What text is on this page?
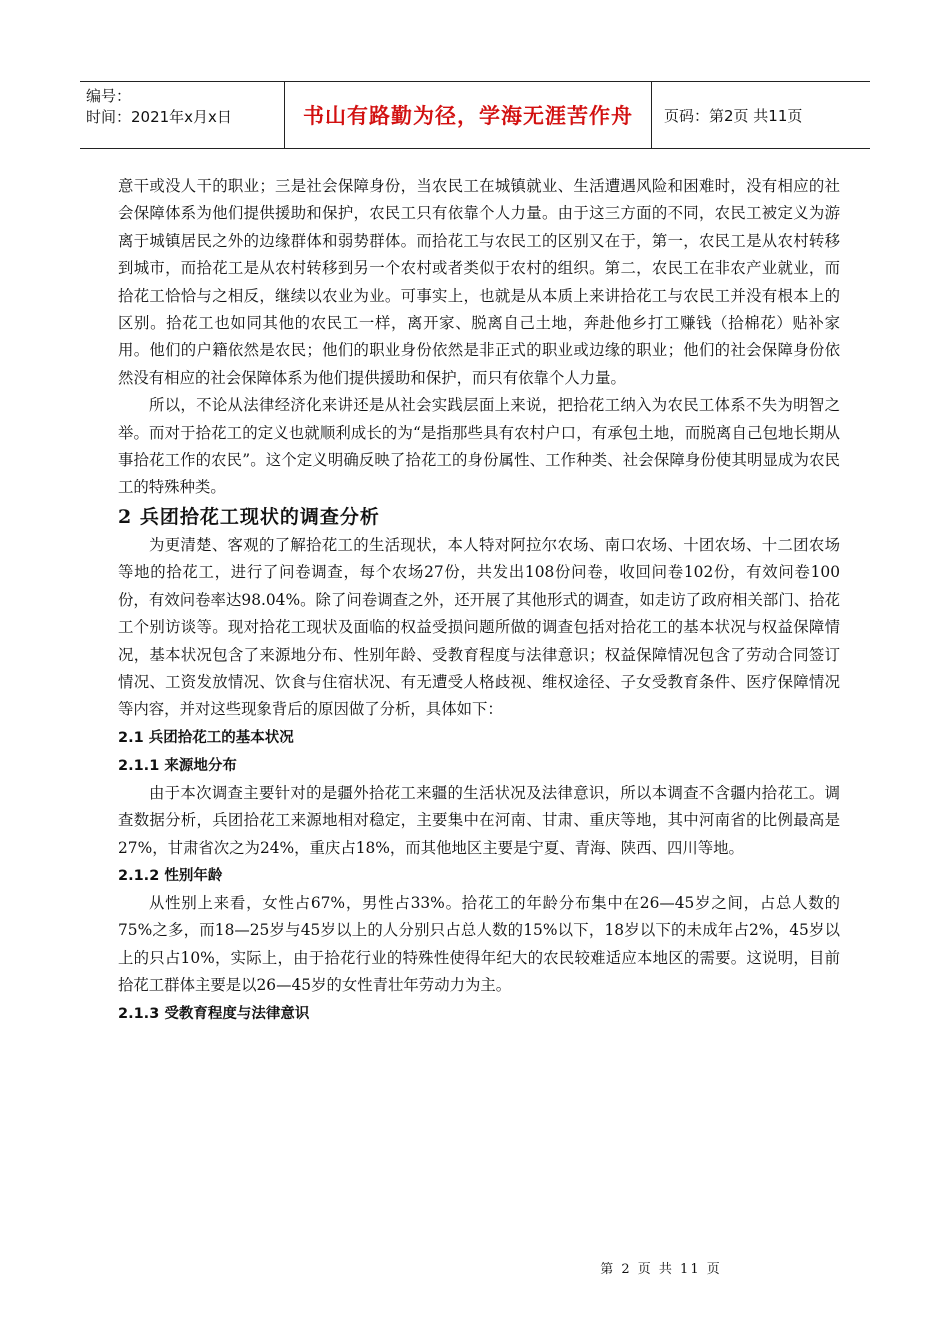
编号：
时间：2021年x月x日	书山有路勤为径，学海无涯苦作舟	页码：第2页 共11页

意干或没人干的职业；三是社会保障身份，当农民工在城镇就业、生活遭遇风险和困难时，没有相应的社会保障体系为他们提供援助和保护，农民工只有依靠个人力量。由于这三方面的不同，农民工被定义为游离于城镇居民之外的边缘群体和弱势群体。而拾花工与农民工的区别又在于，第一，农民工是从农村转移到城市，而拾花工是从农村转移到另一个农村或者类似于农村的组织。第二，农民工在非农产业就业，而拾花工恰恰与之相反，继续以农业为业。可事实上，也就是从本质上来讲拾花工与农民工并没有根本上的区别。拾花工也如同其他的农民工一样，离开家、脱离自己土地，奔赴他乡打工赚钱（拾棉花）贴补家用。他们的户籍依然是农民；他们的职业身份依然是非正式的职业或边缘的职业；他们的社会保障身份依然没有相应的社会保障体系为他们提供援助和保护，而只有依靠个人力量。

所以，不论从法律经济化来讲还是从社会实践层面上来说，把拾花工纳入为农民工体系不失为明智之举。而对于拾花工的定义也就顺利成长的为“是指那些具有农村户口，有承包土地，而脱离自己包地长期从事拾花工作的农民”。这个定义明确反映了拾花工的身份属性、工作种类、社会保障身份使其明显成为农民工的特殊种类。

2 兵团拾花工现状的调查分析

为更清楚、客观的了解拾花工的生活现状，本人特对阿拉尔农场、南口农场、十团农场、十二团农场等地的拾花工，进行了问卷调查，每个农场27份，共发出108份问卷，收回问卷102份，有效问卷100份，有效问卷率达98.04%。除了问卷调查之外，还开展了其他形式的调查，如走访了政府相关部门、拾花工个别访谈等。现对拾花工现状及面临的权益受损问题所做的调查包括对拾花工的基本状况与权益保障情况，基本状况包含了来源地分布、性别年龄、受教育程度与法律意识；权益保障情况包含了劳动合同签订情况、工资发放情况、饮食与住宿状况、有无遭受人格歧视、维权途径、子女受教育条件、医疗保障情况等内容，并对这些现象背后的原因做了分析，具体如下：

2.1 兵团拾花工的基本状况
2.1.1 来源地分布

由于本次调查主要针对的是疆外拾花工来疆的生活状况及法律意识，所以本调查不含疆内拾花工。调查数据分析，兵团拾花工来源地相对稳定，主要集中在河南、甘肃、重庆等地，其中河南省的比例最高是27%，甘肃省次之为24%，重庆占18%，而其他地区主要是宁夏、青海、陕西、四川等地。

2.1.2 性别年龄

从性别上来看，女性占67%，男性占33%。拾花工的年龄分布集中在26—45岁之间，占总人数的75%之多，而18—25岁与45岁以上的人分别只占总人数的15%以下，18岁以下的未成年占2%，45岁以上的只占10%，实际上，由于拾花行业的特殊性使得年纪大的农民较难适应本地区的需要。这说明，目前拾花工群体主要是以26—45岁的女性青壮年劳动力为主。

2.1.3 受教育程度与法律意识
第 2 页 共 11 页
